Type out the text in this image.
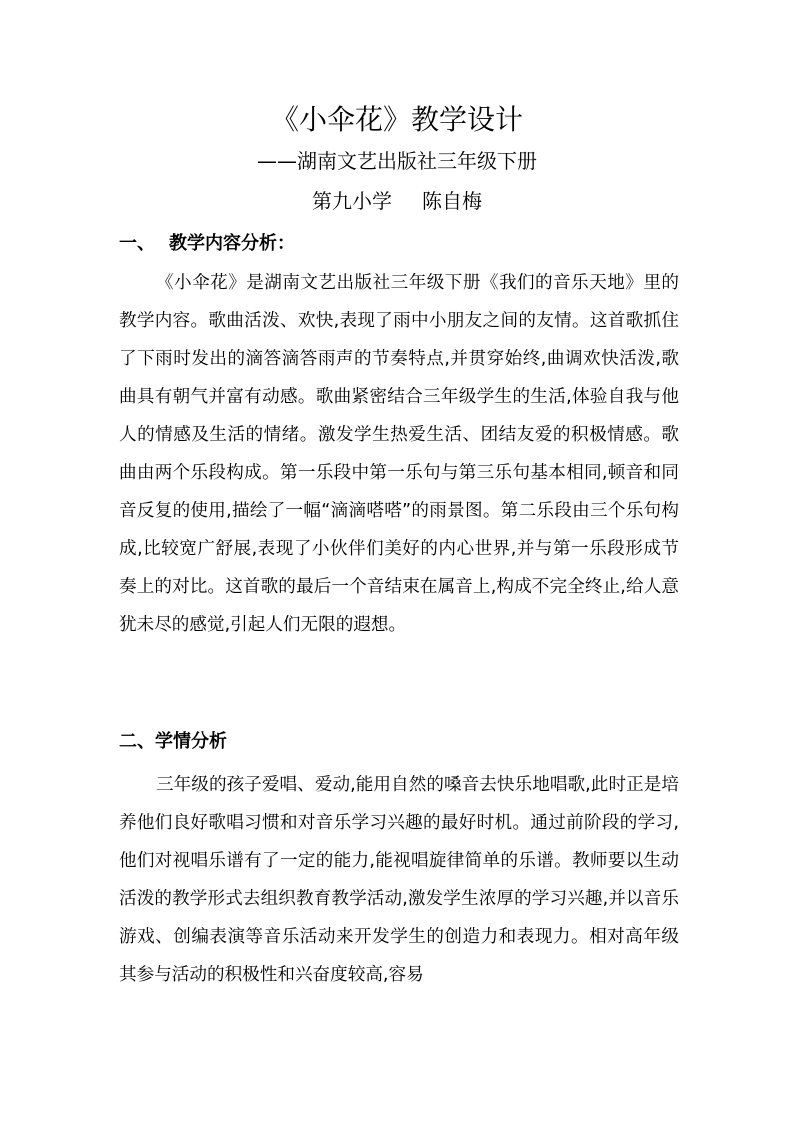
《小伞花》教学设计
——湖南文艺出版社三年级下册
第九小学 陈自梅
一、 教学内容分析：

《小伞花》是湖南文艺出版社三年级下册《我们的音乐天地》里的教学内容。歌曲活泼、欢快,表现了雨中小朋友之间的友情。这首歌抓住了下雨时发出的滴答滴答雨声的节奏特点,并贯穿始终,曲调欢快活泼,歌曲具有朝气并富有动感。歌曲紧密结合三年级学生的生活,体验自我与他人的情感及生活的情绪。激发学生热爱生活、团结友爱的积极情感。歌曲由两个乐段构成。第一乐段中第一乐句与第三乐句基本相同,顿音和同音反复的使用,描绘了一幅“滴滴嗒嗒”的雨景图。第二乐段由三个乐句构成,比较宽广舒展,表现了小伙伴们美好的内心世界,并与第一乐段形成节奏上的对比。这首歌的最后一个音结束在属音上,构成不完全终止,给人意犹未尽的感觉,引起人们无限的遐想。

二、学情分析

三年级的孩子爱唱、爱动,能用自然的嗓音去快乐地唱歌,此时正是培养他们良好歌唱习惯和对音乐学习兴趣的最好时机。通过前阶段的学习,他们对视唱乐谱有了一定的能力,能视唱旋律简单的乐谱。教师要以生动活泼的教学形式去组织教育教学活动,激发学生浓厚的学习兴趣,并以音乐游戏、创编表演等音乐活动来开发学生的创造力和表现力。相对高年级其参与活动的积极性和兴奋度较高,容易
